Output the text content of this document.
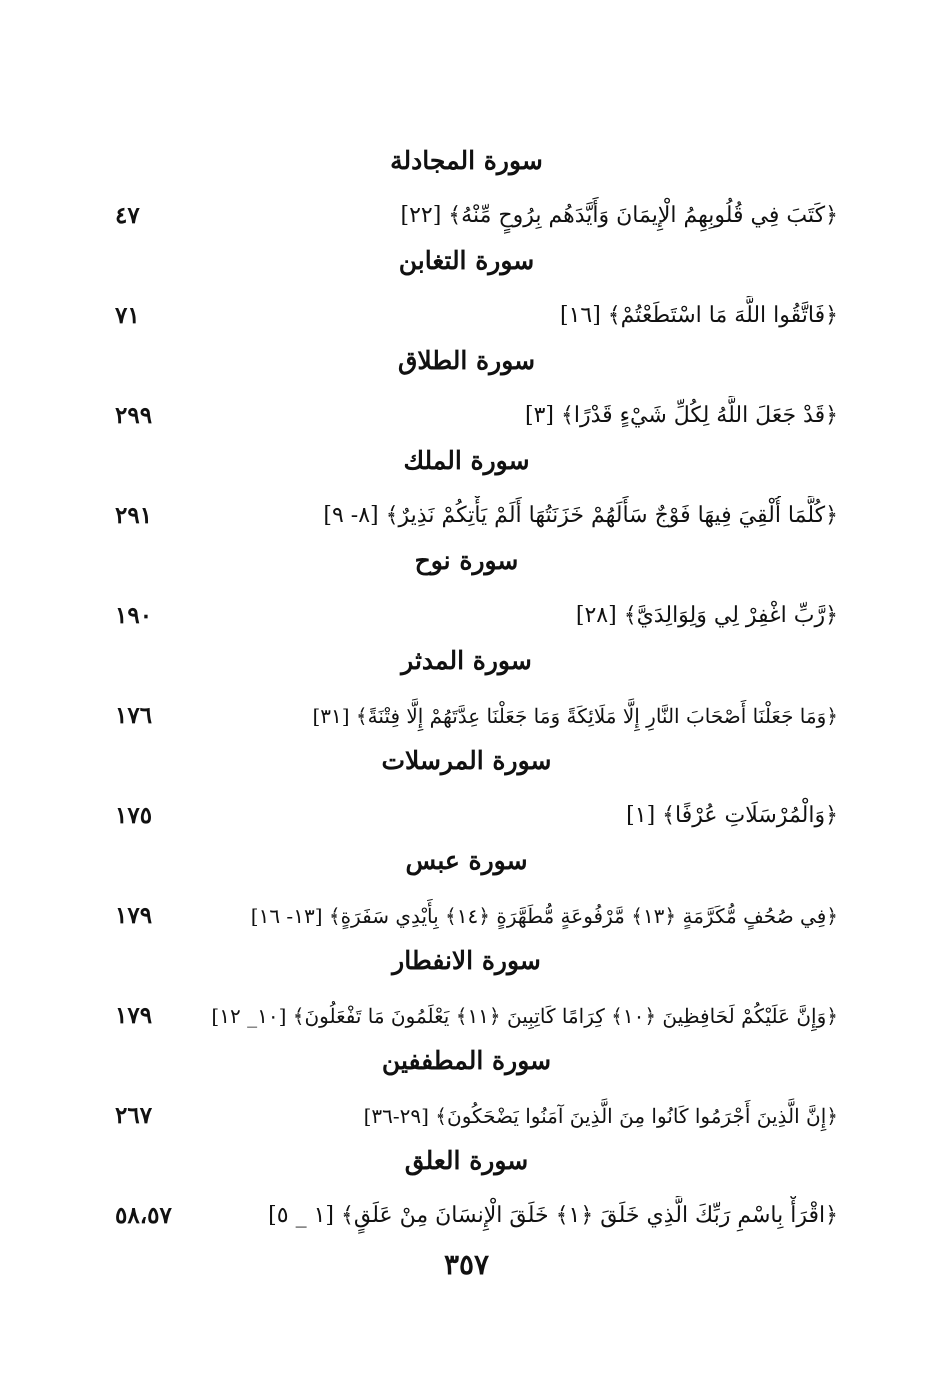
سورة المجادلة
﴿كَتَبَ فِي قُلُوبِهِمُ الْإِيمَانَ وَأَيَّدَهُم بِرُوحٍ مِّنْهُ﴾ [٢٢]
٤٧
سورة التغابن
﴿فَاتَّقُوا اللَّهَ مَا اسْتَطَعْتُمْ﴾ [١٦]
٧١
سورة الطلاق
﴿قَدْ جَعَلَ اللَّهُ لِكُلِّ شَيْءٍ قَدْرًا﴾ [٣]
٢٩٩
سورة الملك
﴿كُلَّمَا أُلْقِيَ فِيهَا فَوْجٌ سَأَلَهُمْ خَزَنَتُهَا أَلَمْ يَأْتِكُمْ نَذِيرٌ﴾ [٨- ٩]
٢٩١
سورة نوح
﴿رَّبِّ اغْفِرْ لِي وَلِوَالِدَيَّ﴾ [٢٨]
١٩٠
سورة المدثر
﴿وَمَا جَعَلْنَا أَصْحَابَ النَّارِ إِلَّا مَلَائِكَةً وَمَا جَعَلْنَا عِدَّتَهُمْ إِلَّا فِتْنَةً﴾ [٣١]
١٧٦
سورة المرسلات
﴿وَالْمُرْسَلَاتِ عُرْفًا﴾ [١]
١٧٥
سورة عبس
﴿فِي صُحُفٍ مُّكَرَّمَةٍ ﴿١٣﴾ مَّرْفُوعَةٍ مُّطَهَّرَةٍ ﴿١٤﴾ بِأَيْدِي سَفَرَةٍ﴾ [١٣- ١٦]
١٧٩
سورة الانفطار
﴿وَإِنَّ عَلَيْكُمْ لَحَافِظِينَ ﴿١٠﴾ كِرَامًا كَاتِبِينَ ﴿١١﴾ يَعْلَمُونَ مَا تَفْعَلُونَ﴾ [١٠_ ١٢]
١٧٩
سورة المطففين
﴿إِنَّ الَّذِينَ أَجْرَمُوا كَانُوا مِنَ الَّذِينَ آمَنُوا يَضْحَكُونَ﴾ [٢٩-٣٦]
٢٦٧
سورة العلق
﴿اقْرَأْ بِاسْمِ رَبِّكَ الَّذِي خَلَقَ ﴿١﴾ خَلَقَ الْإِنسَانَ مِنْ عَلَقٍ﴾ [١ _ ٥]
٥٨،٥٧
٣٥٧
